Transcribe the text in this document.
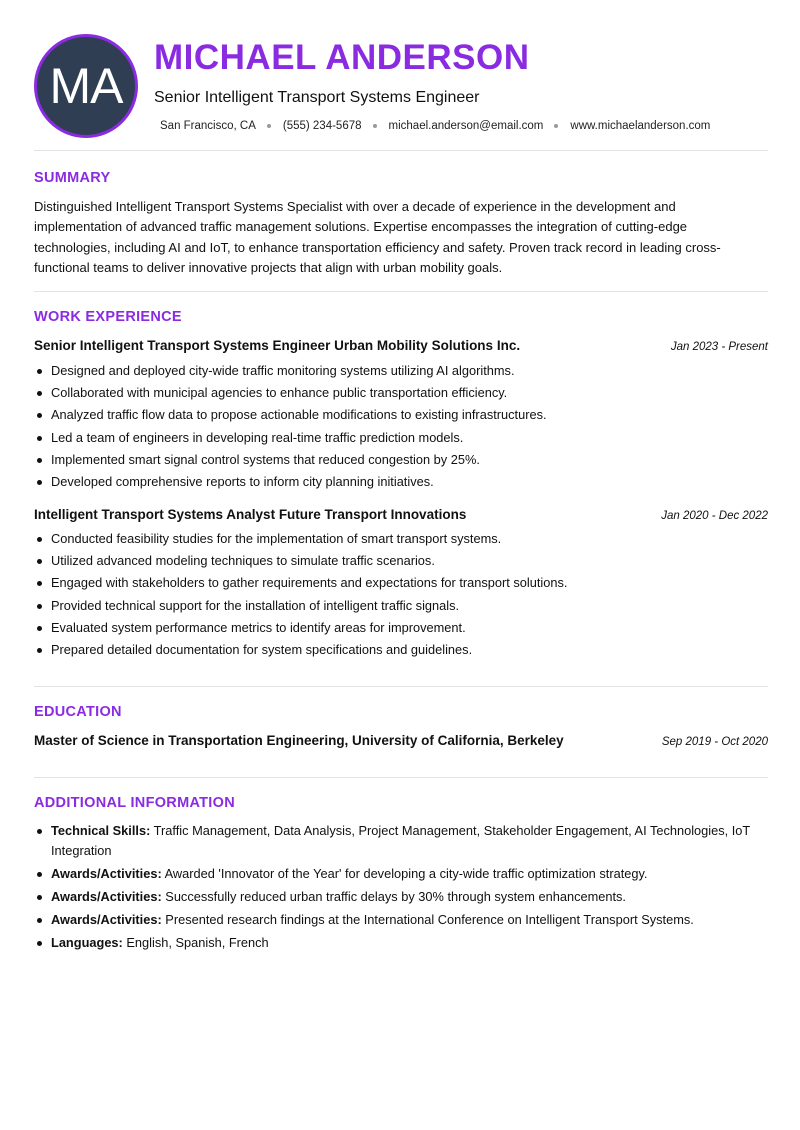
MA
MICHAEL ANDERSON
Senior Intelligent Transport Systems Engineer
San Francisco, CA (555) 234-5678 michael.anderson@email.com www.michaelanderson.com
SUMMARY
Distinguished Intelligent Transport Systems Specialist with over a decade of experience in the development and implementation of advanced traffic management solutions. Expertise encompasses the integration of cutting-edge technologies, including AI and IoT, to enhance transportation efficiency and safety. Proven track record in leading cross-functional teams to deliver innovative projects that align with urban mobility goals.
WORK EXPERIENCE
Senior Intelligent Transport Systems Engineer Urban Mobility Solutions Inc.	Jan 2023 - Present
Designed and deployed city-wide traffic monitoring systems utilizing AI algorithms.
Collaborated with municipal agencies to enhance public transportation efficiency.
Analyzed traffic flow data to propose actionable modifications to existing infrastructures.
Led a team of engineers in developing real-time traffic prediction models.
Implemented smart signal control systems that reduced congestion by 25%.
Developed comprehensive reports to inform city planning initiatives.
Intelligent Transport Systems Analyst Future Transport Innovations	Jan 2020 - Dec 2022
Conducted feasibility studies for the implementation of smart transport systems.
Utilized advanced modeling techniques to simulate traffic scenarios.
Engaged with stakeholders to gather requirements and expectations for transport solutions.
Provided technical support for the installation of intelligent traffic signals.
Evaluated system performance metrics to identify areas for improvement.
Prepared detailed documentation for system specifications and guidelines.
EDUCATION
Master of Science in Transportation Engineering, University of California, Berkeley	Sep 2019 - Oct 2020
ADDITIONAL INFORMATION
Technical Skills: Traffic Management, Data Analysis, Project Management, Stakeholder Engagement, AI Technologies, IoT Integration
Awards/Activities: Awarded 'Innovator of the Year' for developing a city-wide traffic optimization strategy.
Awards/Activities: Successfully reduced urban traffic delays by 30% through system enhancements.
Awards/Activities: Presented research findings at the International Conference on Intelligent Transport Systems.
Languages: English, Spanish, French
